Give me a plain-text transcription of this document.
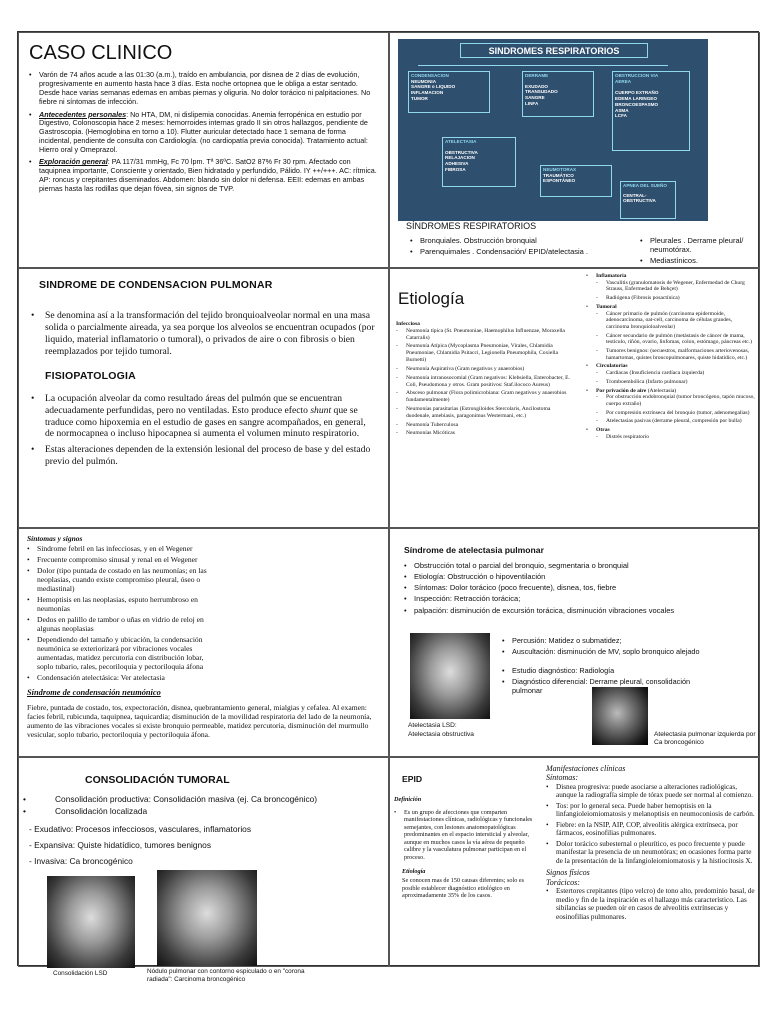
CASO CLINICO
• Varón de 74 años acude a las 01:30 (a.m.), traído en ambulancia, por disnea de 2 días de evolución, progresivamente en aumento hasta hace 3 días. Esta noche ortopnea que le obliga a estar sentado. Desde hace varias semanas edemas en ambas piernas y oliguria. No dolor torácico ni palpitaciones. No fiebre ni síntomas de infección.
• Antecedentes personales: No HTA, DM, ni dislipemia conocidas. Anemia ferropénica en estudio por Digestivo, Colonoscopia hace 2 meses: hemorroides internas grado II sin otros hallazgos, pendiente de Gastroscopia. (Hemoglobina en torno a 10). Flutter auricular detectado hace 1 semana de forma incidental, pendiente de consulta con Cardiología. (no cardiopatía previa conocida). Tratamiento actual: Hierro oral y Omeprazol.
• Exploración general: PA 117/31 mmHg, Fc 70 lpm. Tª 36ºC. SatO2 87% Fr 30 rpm. Afectado con taquipnea importante, Consciente y orientado, Bien hidratado y perfundido, Pálido. IY ++/+++. AC: rítmica. AP: roncus y crepitantes diseminados. Abdomen: blando sin dolor ni defensa. EEII: edemas en ambas piernas hasta las rodillas que dejan fóvea, sin signos de TVP.
SINDROMES RESPIRATORIOS
CONDENSACION
NEUMONIA
SANGRE o LIQUIDO
INFLAMACION
TUMOR
DERRAME
EXUDADO
TRANSUDADO
SANGRE
LINFA
OBSTRUCCION VIA AEREA
CUERPO EXTRAÑO
EDEMA LARINGEO
BRONCOESPASMO
ASMA
LCFA
ATELECTASIA
OBSTRUCTIVA
RELAJACION
ADHESIVA
FIBROSA	NEUMOTORAX
TRAUMÁTICO
ESPONTÁNEO
APNEA DEL SUEÑO
CENTRAL-OBSTRUCTIVA
SÍNDROMES RESPIRATORIOS
• Bronquiales. Obstrucción bronquial
• Parenquimales . Condensación/ EPID/atelectasia .
• Pleurales . Derrame pleural/ neumotórax.
• Mediastínicos.
SINDROME DE CONDENSACION PULMONAR
• Se denomina así a la transformación del tejido bronquioalveolar normal en una masa solida o parcialmente aireada, ya sea porque los alveolos se encuentran ocupados (por liquido, material inflamatorio o tumoral), o privados de aire o con fibrosis o bien reemplazados por tejido tumoral.
FISIOPATOLOGIA
• La ocupación alveolar da como resultado áreas del pulmón que se encuentran adecuadamente perfundidas, pero no ventiladas. Esto produce efecto shunt que se traduce como hipoxemia en el estudio de gases en sangre acompañados, en general, de normocapnea o incluso hipocapnea si aumenta el volumen minuto respiratorio.
• Estas alteraciones dependen de la extensión lesional del proceso de base y del estado previo del pulmón.
Etiología
Infecciosa
- Neumonía típica (St. Pneumoniae, Haemophilus Influenzae, Moraxella Catarralis)
- Neumonía Atípica (Mycoplasma Pneumoniae, Virales, Chlamidia Pneumoniae, Chlamidia Psitacci, Legionella Pneumophila, Coxiella Burnetti)
- Neumonía Aspirativa (Gram negativos y anaerobios)
- Neumonía intranosocomial (Gram negativos: Klebsiella, Enterobacter, E. Coli, Pseudomona y otros. Gram positivos: Staf.ilococo Aureus)
- Absceso pulmonar (Flora polimicrobiana: Gram negativos y anaerobios fundamentalmente)
- Neumonías parasitarias (Estrongiloides Stercolaris, Ancilostoma duodenale, amebiasis, paragonimus Westermani, etc.)
- Neumonía Tuberculosa
- Neumonías Micóticas
• Inflamatoria
- Vasculitis (granulomatosis de Wegener, Enfermedad de Churg Strauss, Enfermedad de Behçet)
- Radiógena (Fibrosis posactínica)
• Tumoral
- Cáncer primario de pulmón (carcinoma epidermoide, adenocarcinoma, oat-cell, carcinoma de células grandes, carcinoma bronquioloalveolar)
- Cáncer secundario de pulmón (metástasis de cáncer de mama, testículo, riñón, ovario, linfomas, colon, estómago, páncreas etc.)
- Tumores benignos: (secuestros, malformaciones arteriovenosas, hamartomas, quistes broncopulmonares, quiste hidatídico, etc.)
• Circulatorias
- Cardíacas (Insuficiencia cardíaca izquierda)
- Tromboembólica (Infarto pulmonar)
• Por privación de aire (Atelectasia)
- Por obstrucción endobronquial (tumor broncógeno, tapón mucoso, cuerpo extraño)
- Por compresión extrínseca del bronquio (tumor, adenomegalias)
- Atelectasias pasivas (derrame pleural, compresión por bulla)
• Otras
- Distrés respiratorio
Síntomas y signos
• Síndrome febril en las infecciosas, y en el Wegener
• Frecuente compromiso sinusal y renal en el Wegener
• Dolor (tipo puntada de costado en las neumonías; en las neoplasias, cuando existe compromiso pleural, óseo o mediastinal)
• Hemoptisis en las neoplasias, esputo herrumbroso en neumonías
• Dedos en palillo de tambor o uñas en vidrio de reloj en algunas neoplasias
• Dependiendo del tamaño y ubicación, la condensación neumónica se exteriorizará por vibraciones vocales aumentadas, matidez percutoria con distribución lobar, soplo tubario, rales, pecoriloquia y pectoriloquia áfona
• Condensación atelectásica: Ver atelectasia
Síndrome de condensación neumónico
Fiebre, puntada de costado, tos, expectoración, disnea, quebrantamiento general, mialgias y cefalea. Al examen: facies febril, rubicunda, taquipnea, taquicardia; disminución de la movilidad respiratoria del lado de la neumonía, aumento de las vibraciones vocales si existe bronquio permeable, matidez percutoria, disminución del murmullo vesicular, soplo tubario, pectoriloquia y pectoriloquia áfona.
Síndrome de atelectasia pulmonar
• Obstrucción total o parcial del bronquio, segmentaria o bronquial
• Etiología: Obstrucción o hipoventilación
• Síntomas: Dolor torácico (poco frecuente), disnea, tos, fiebre
• Inspección: Retracción torácica;
• palpación: disminución de excursión torácica, disminución vibraciones vocales
Atelectasia LSD:
Atelectasia obstructiva
• Percusión: Matidez o submatidez;
• Auscultación: disminución de MV, soplo bronquico alejado
• Estudio diagnóstico: Radiología
• Diagnóstico diferencial: Derrame pleural, consolidación pulmonar
Atelectasia pulmonar izquierda por Ca broncogénico
CONSOLIDACIÓN TUMORAL
• Consolidación productiva: Consolidación masiva (ej. Ca broncogénico)
• Consolidación localizada
- Exudativo: Procesos infecciosos, vasculares, inflamatorios
- Expansiva: Quiste hidatídico, tumores benignos
- Invasiva: Ca broncogénico
Consolidación LSD	Nódulo pulmonar con contorno espiculado o en "corona radiada": Carcinoma broncogénico
EPID
Definición
• Es un grupo de afecciones que comparten manifestaciones clínicas, radiológicas y funcionales semejantes, con lesiones anatomopatológicas predominantes en el espacio intersticial y alveolar, aunque en muchos casos la vía aérea de pequeño calibre y la vasculatura pulmonar participan en el proceso.
Etiología
Se conocen mas de 150 causas diferentes; solo es posible establecer diagnóstico etiológico en aproximadamente 35% de los casos.
Manifestaciones clínicas
Síntomas:
• Disnea progresiva: puede asociarse a alteraciones radiológicas, aunque la radiografía simple de tórax puede ser normal al comienzo.
• Tos: por lo general seca. Puede haber hemoptisis en la linfangioleiomiomatosis y melanoptisis en neumoconiosis de carbón.
• Fiebre: en la NSIP, AIP, COP, alveolitis alérgica extrínseca, por fármacos, eosinofilias pulmonares.
• Dolor torácico subesternal o pleurítico, es poco frecuente y puede manifestar la presencia de un neumotórax; en ocasiones forma parte de la presentación de la linfangioleiomiomatosis y la histiocitosis X.
Signos físicos
Torácicos:
• Estertores crepitantes (tipo velcro) de tono alto, predominio basal, de medio y fin de la inspiración es el hallazgo más característico. Las sibilancias se pueden oír en casos de alveolitis extrínsecas y eosinofilias pulmonares.
